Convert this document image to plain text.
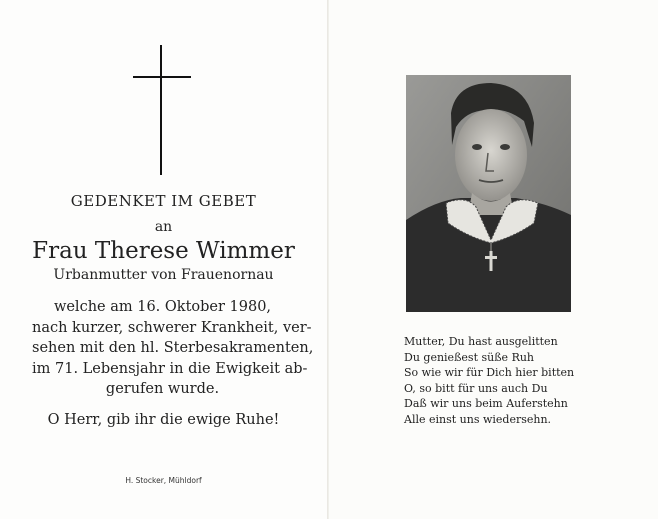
GEDENKET IM GEBET
an
Frau Therese Wimmer
Urbanmutter von Frauenornau
welche am 16. Oktober 1980,
nach kurzer, schwerer Krankheit, ver-
sehen mit den hl. Sterbesakramenten,
im 71. Lebensjahr in die Ewigkeit ab-
gerufen wurde.
O Herr, gib ihr die ewige Ruhe!
H. Stocker, Mühldorf
Mutter, Du hast ausgelitten
Du genießest süße Ruh
So wie wir für Dich hier bitten
O, so bitt für uns auch Du
Daß wir uns beim Auferstehn
Alle einst uns wiedersehn.
